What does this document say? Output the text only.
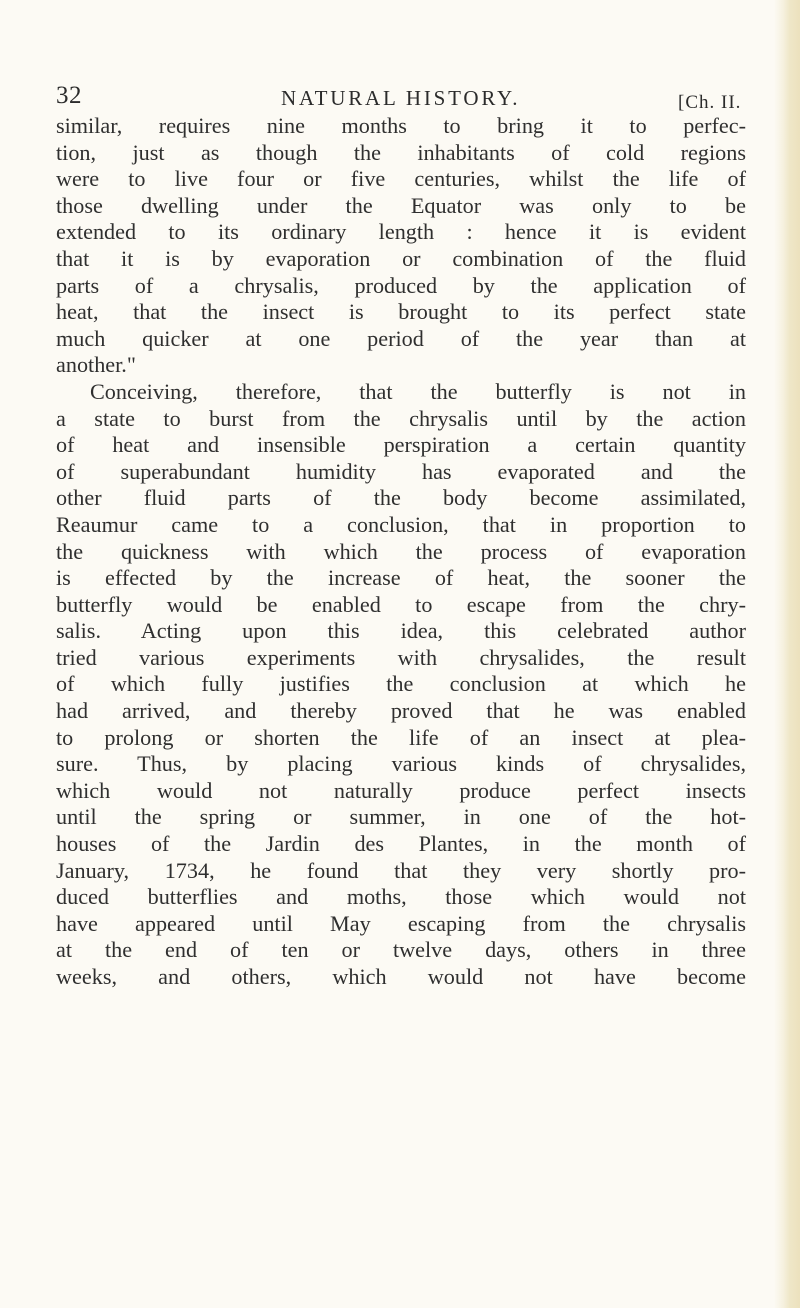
32	NATURAL HISTORY.	[Ch. II.
similar, requires nine months to bring it to perfec-
tion, just as though the inhabitants of cold regions
were to live four or five centuries, whilst the life of
those dwelling under the Equator was only to be
extended to its ordinary length : hence it is evident
that it is by evaporation or combination of the fluid
parts of a chrysalis, produced by the application of
heat, that the insect is brought to its perfect state
much quicker at one period of the year than at
another."
Conceiving, therefore, that the butterfly is not in
a state to burst from the chrysalis until by the action
of heat and insensible perspiration a certain quantity
of superabundant humidity has evaporated and the
other fluid parts of the body become assimilated,
Reaumur came to a conclusion, that in proportion to
the quickness with which the process of evaporation
is effected by the increase of heat, the sooner the
butterfly would be enabled to escape from the chry-
salis. Acting upon this idea, this celebrated author
tried various experiments with chrysalides, the result
of which fully justifies the conclusion at which he
had arrived, and thereby proved that he was enabled
to prolong or shorten the life of an insect at plea-
sure. Thus, by placing various kinds of chrysalides,
which would not naturally produce perfect insects
until the spring or summer, in one of the hot-
houses of the Jardin des Plantes, in the month of
January, 1734, he found that they very shortly pro-
duced butterflies and moths, those which would not
have appeared until May escaping from the chrysalis
at the end of ten or twelve days, others in three
weeks, and others, which would not have become
